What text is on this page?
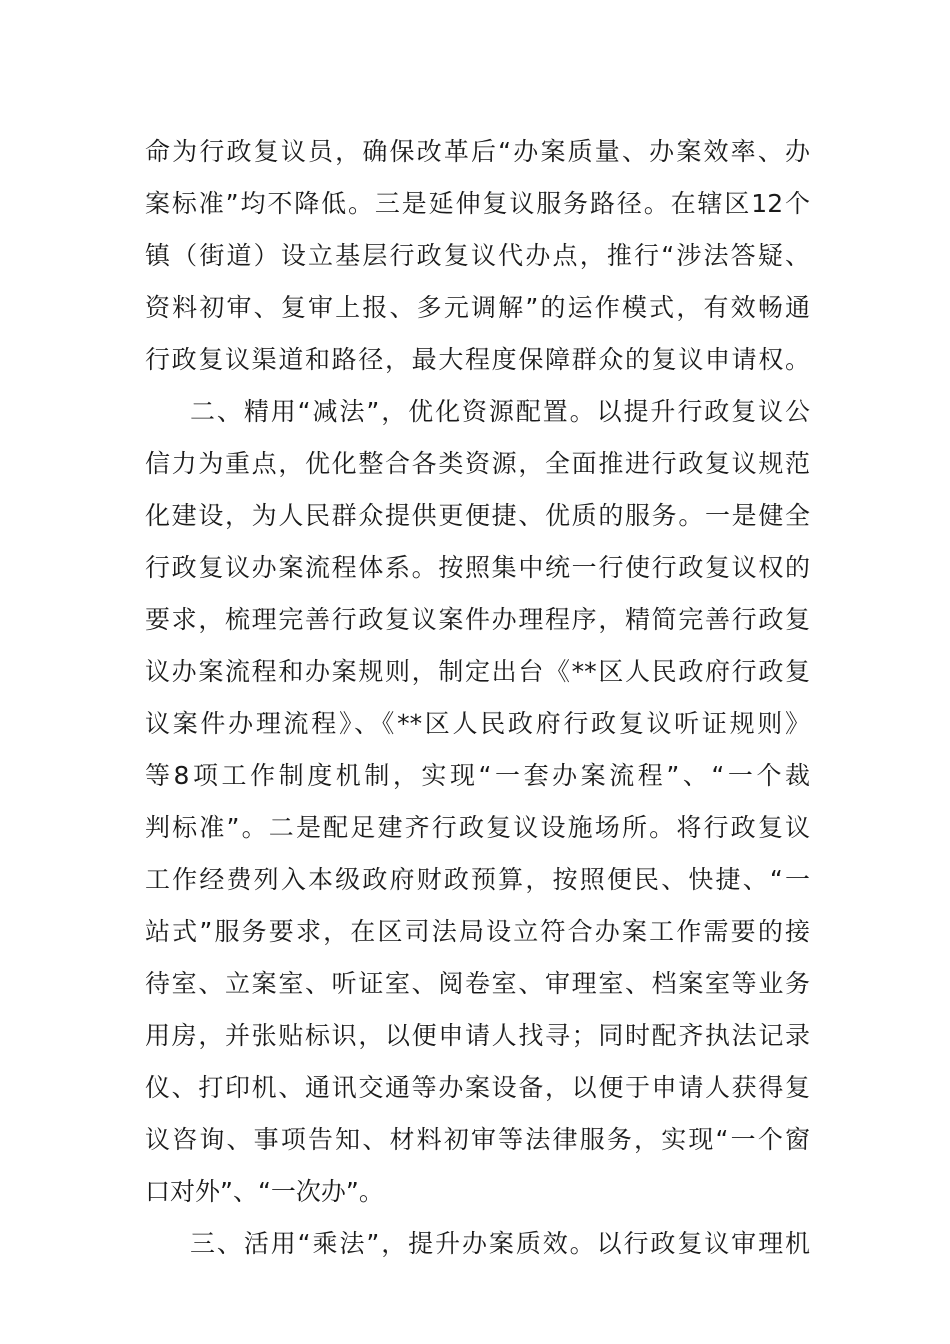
命为行政复议员，确保改革后“办案质量、办案效率、办
案标准”均不降低。三是延伸复议服务路径。在辖区12个
镇（街道）设立基层行政复议代办点，推行“涉法答疑、
资料初审、复审上报、多元调解”的运作模式，有效畅通
行政复议渠道和路径，最大程度保障群众的复议申请权。
二、精用“减法”，优化资源配置。以提升行政复议公
信力为重点，优化整合各类资源，全面推进行政复议规范
化建设，为人民群众提供更便捷、优质的服务。一是健全
行政复议办案流程体系。按照集中统一行使行政复议权的
要求，梳理完善行政复议案件办理程序，精简完善行政复
议办案流程和办案规则，制定出台《**区人民政府行政复
议案件办理流程》、《**区人民政府行政复议听证规则》
等8项工作制度机制，实现“一套办案流程”、“一个裁
判标准”。二是配足建齐行政复议设施场所。将行政复议
工作经费列入本级政府财政预算，按照便民、快捷、“一
站式”服务要求，在区司法局设立符合办案工作需要的接
待室、立案室、听证室、阅卷室、审理室、档案室等业务
用房，并张贴标识，以便申请人找寻；同时配齐执法记录
仪、打印机、通讯交通等办案设备，以便于申请人获得复
议咨询、事项告知、材料初审等法律服务，实现“一个窗
口对外”、“一次办”。
三、活用“乘法”，提升办案质效。以行政复议审理机
